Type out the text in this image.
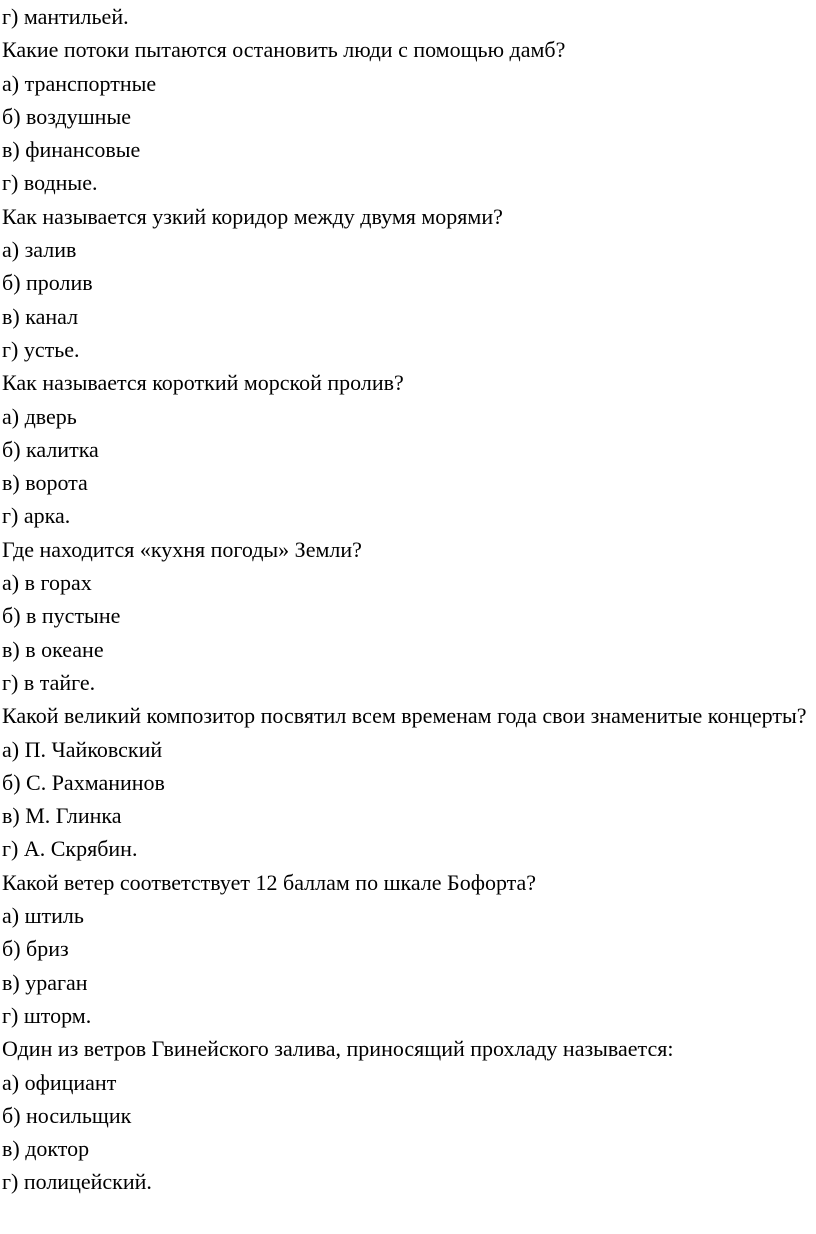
г) мантильей.

Какие потоки пытаются остановить люди с помощью дамб?

а) транспортные

б) воздушные

в) финансовые

г) водные.

Как называется узкий коридор между двумя морями?

а) залив

б) пролив

в) канал

г) устье.

Как называется короткий морской пролив?

а) дверь

б) калитка

в) ворота

г) арка.

Где находится «кухня погоды» Земли?

а) в горах

б) в пустыне

в) в океане

г) в тайге.

Какой великий композитор посвятил всем временам года свои знаменитые концерты?

а) П. Чайковский

б) С. Рахманинов

в) М. Глинка

г) А. Скрябин.

Какой ветер соответствует 12 баллам по шкале Бофорта?

а) штиль

б) бриз

в) ураган

г) шторм.

Один из ветров Гвинейского залива, приносящий прохладу называется:

а) официант

б) носильщик

в) доктор

г) полицейский.
